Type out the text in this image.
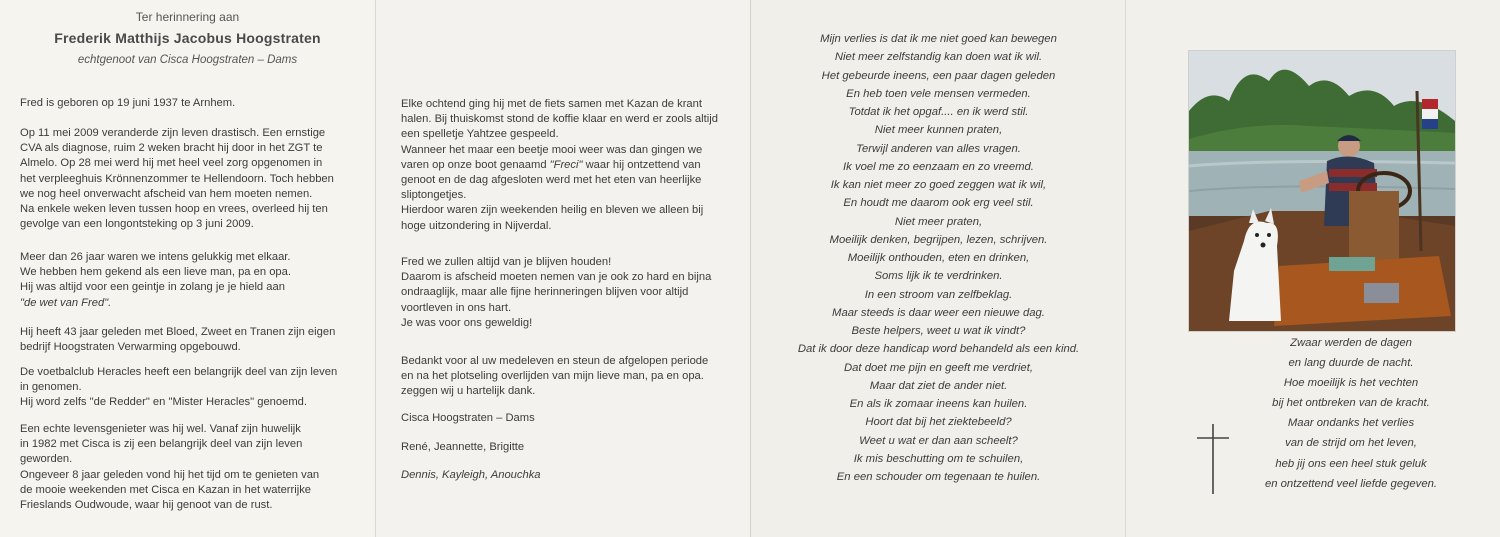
Ter herinnering aan
Frederik Matthijs Jacobus Hoogstraten
echtgenoot van Cisca Hoogstraten – Dams

Fred is geboren op 19 juni 1937 te Arnhem.

Op 11 mei 2009 veranderde zijn leven drastisch. Een ernstige

CVA als diagnose, ruim 2 weken bracht hij door in het ZGT te

Almelo. Op 28 mei werd hij met heel veel zorg opgenomen in

het verpleeghuis Krönnenzommer te Hellendoorn. Toch hebben

we nog heel onverwacht afscheid van hem moeten nemen.

Na enkele weken leven tussen hoop en vrees, overleed hij ten

gevolge van een longontsteking op 3 juni 2009.

Meer dan 26 jaar waren we intens gelukkig met elkaar.

We hebben hem gekend als een lieve man, pa en opa.

Hij was altijd voor een geintje in zolang je je hield aan

"de wet van Fred".

Hij heeft 43 jaar geleden met Bloed, Zweet en Tranen zijn eigen

bedrijf Hoogstraten Verwarming opgebouwd.

De voetbalclub Heracles heeft een belangrijk deel van zijn leven

in genomen.

Hij word zelfs "de Redder" en "Mister Heracles" genoemd.

Een echte levensgenieter was hij wel. Vanaf zijn huwelijk

in 1982 met Cisca is zij een belangrijk deel van zijn leven

geworden.

Ongeveer 8 jaar geleden vond hij het tijd om te genieten van

de mooie weekenden met Cisca en Kazan in het waterrijke

Frieslands Oudwoude, waar hij genoot van de rust.

Elke ochtend ging hij met de fiets samen met Kazan de krant

halen. Bij thuiskomst stond de koffie klaar en werd er zools altijd

een spelletje Yahtzee gespeeld.

Wanneer het maar een beetje mooi weer was dan gingen we

varen op onze boot genaamd "Freci" waar hij ontzettend van

genoot en de dag afgesloten werd met het eten van heerlijke

sliptongetjes.

Hierdoor waren zijn weekenden heilig en bleven we alleen bij

hoge uitzondering in Nijverdal.

Fred we zullen altijd van je blijven houden!

Daarom is afscheid moeten nemen van je ook zo hard en bijna

ondraaglijk, maar alle fijne herinneringen blijven voor altijd

voortleven in ons hart.

Je was voor ons geweldig!

Bedankt voor al uw medeleven en steun de afgelopen periode

en na het plotseling overlijden van mijn lieve man, pa en opa.

zeggen wij u hartelijk dank.

Cisca Hoogstraten – Dams
René, Jeannette, Brigitte
Dennis, Kayleigh, Anouchka
Mijn verlies is dat ik me niet goed kan bewegen
Niet meer zelfstandig kan doen wat ik wil.
Het gebeurde ineens, een paar dagen geleden
En heb toen vele mensen vermeden.
Totdat ik het opgaf.... en ik werd stil.
Niet meer kunnen praten,
Terwijl anderen van alles vragen.
Ik voel me zo eenzaam en zo vreemd.
Ik kan niet meer zo goed zeggen wat ik wil,
En houdt me daarom ook erg veel stil.
Niet meer praten,
Moeilijk denken, begrijpen, lezen, schrijven.
Moeilijk onthouden, eten en drinken,
Soms lijk ik te verdrinken.
In een stroom van zelfbeklag.
Maar steeds is daar weer een nieuwe dag.
Beste helpers, weet u wat ik vindt?
Dat ik door deze handicap word behandeld als een kind.
Dat doet me pijn en geeft me verdriet,
Maar dat ziet de ander niet.
En als ik zomaar ineens kan huilen.
Hoort dat bij het ziektebeeld?
Weet u wat er dan aan scheelt?
Ik mis beschutting om te schuilen,
En een schouder om tegenaan te huilen.
Zwaar werden de dagen
en lang duurde de nacht.
Hoe moeilijk is het vechten
bij het ontbreken van de kracht.
Maar ondanks het verlies
van de strijd om het leven,
heb jij ons een heel stuk geluk
en ontzettend veel liefde gegeven.
